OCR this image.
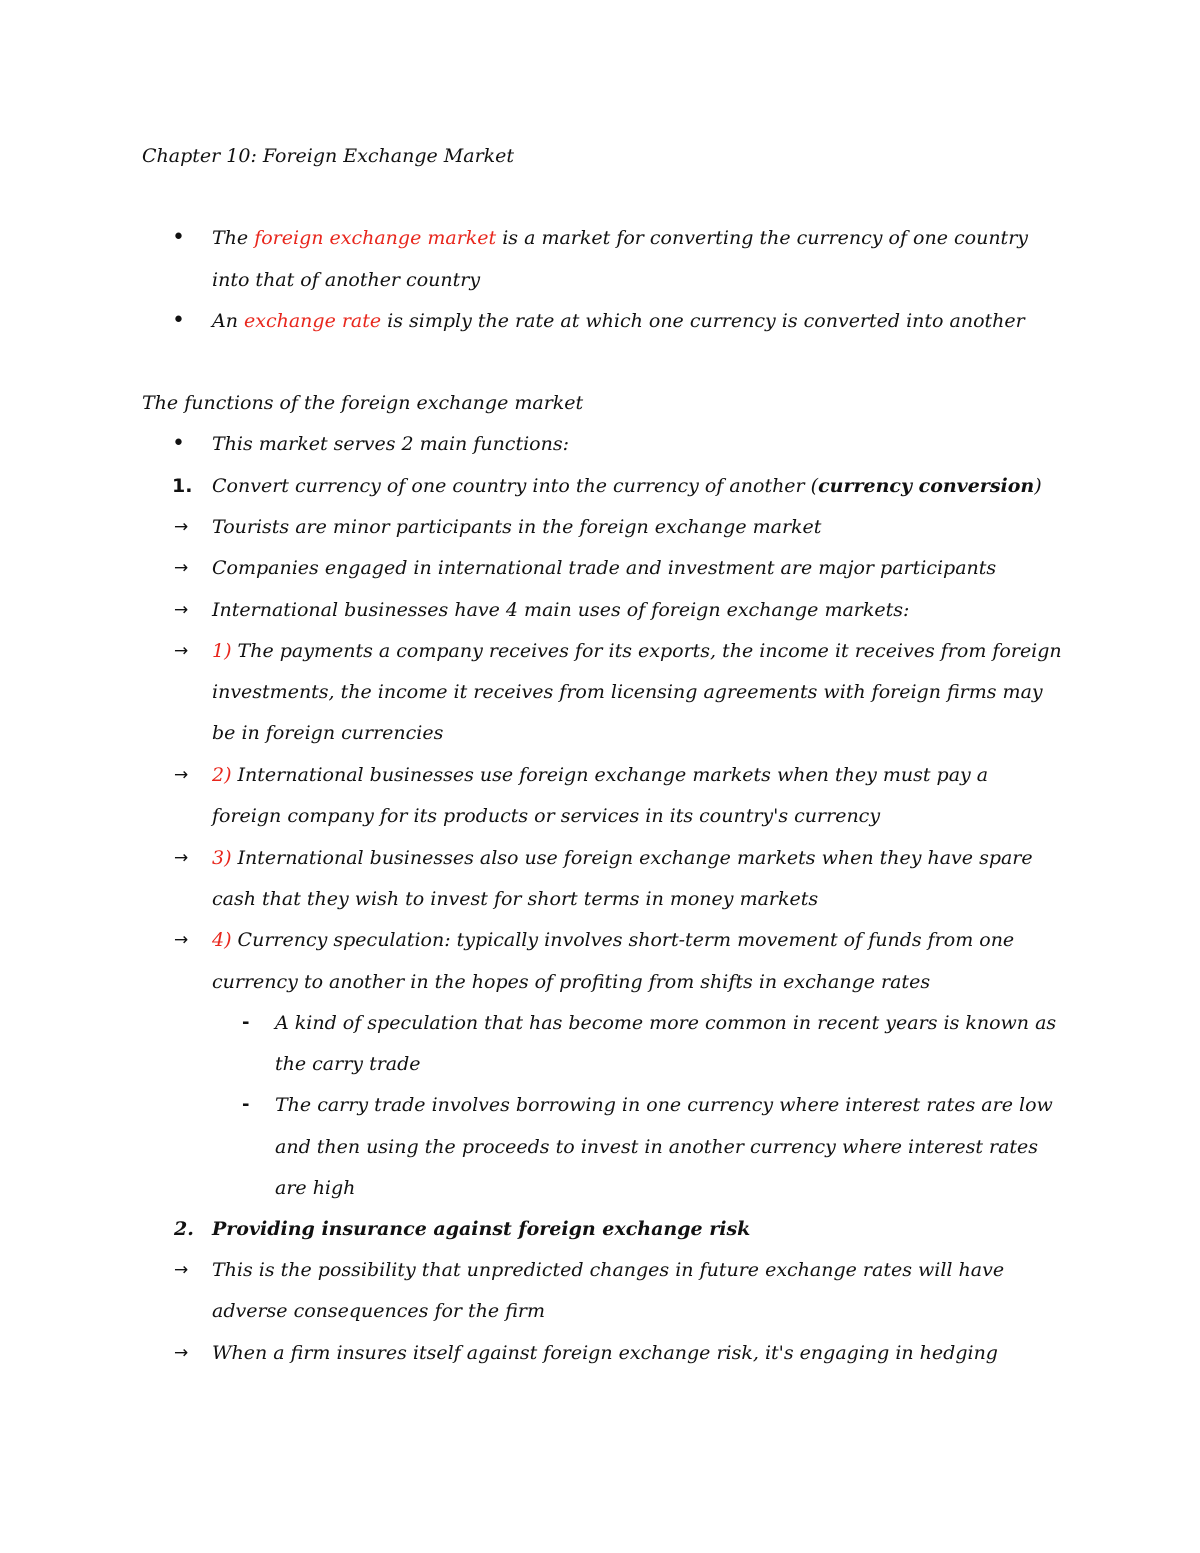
Chapter 10: Foreign Exchange Market
• The foreign exchange market is a market for converting the currency of one country
into that of another country
• An exchange rate is simply the rate at which one currency is converted into another
The functions of the foreign exchange market
• This market serves 2 main functions:
1. Convert currency of one country into the currency of another (currency conversion)
→ Tourists are minor participants in the foreign exchange market
→ Companies engaged in international trade and investment are major participants
→ International businesses have 4 main uses of foreign exchange markets:
→ 1) The payments a company receives for its exports, the income it receives from foreign
investments, the income it receives from licensing agreements with foreign firms may
be in foreign currencies
→ 2) International businesses use foreign exchange markets when they must pay a
foreign company for its products or services in its country's currency
→ 3) International businesses also use foreign exchange markets when they have spare
cash that they wish to invest for short terms in money markets
→ 4) Currency speculation: typically involves short-term movement of funds from one
currency to another in the hopes of profiting from shifts in exchange rates
- A kind of speculation that has become more common in recent years is known as
the carry trade
- The carry trade involves borrowing in one currency where interest rates are low
and then using the proceeds to invest in another currency where interest rates
are high
2. Providing insurance against foreign exchange risk
→ This is the possibility that unpredicted changes in future exchange rates will have
adverse consequences for the firm
→ When a firm insures itself against foreign exchange risk, it's engaging in hedging
